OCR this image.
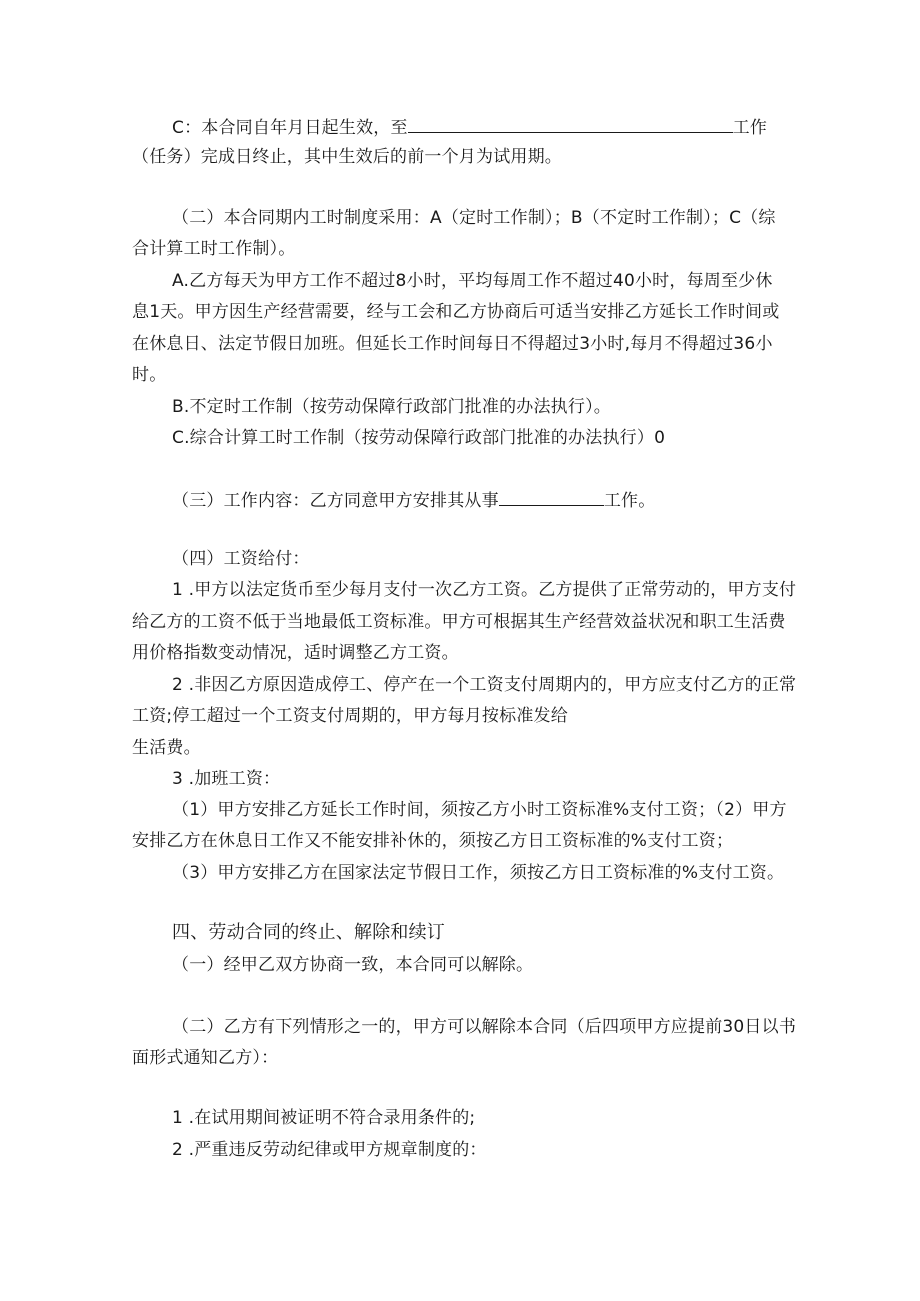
C：本合同自年月日起生效，至	工作
（任务）完成日终止，其中生效后的前一个月为试用期。
（二）本合同期内工时制度采用：A（定时工作制）；B（不定时工作制）；C（综
合计算工时工作制）。
A.乙方每天为甲方工作不超过8小时，平均每周工作不超过40小时，每周至少休
息1天。甲方因生产经营需要，经与工会和乙方协商后可适当安排乙方延长工作时间或
在休息日、法定节假日加班。但延长工作时间每日不得超过3小时,每月不得超过36小
时。
B.不定时工作制（按劳动保障行政部门批准的办法执行）。
C.综合计算工时工作制（按劳动保障行政部门批准的办法执行）0
（三）工作内容：乙方同意甲方安排其从事	工作。
（四）工资给付：
1 .甲方以法定货币至少每月支付一次乙方工资。乙方提供了正常劳动的，甲方支付
给乙方的工资不低于当地最低工资标准。甲方可根据其生产经营效益状况和职工生活费
用价格指数变动情况，适时调整乙方工资。
2 .非因乙方原因造成停工、停产在一个工资支付周期内的，甲方应支付乙方的正常
工资;停工超过一个工资支付周期的，甲方每月按标准发给
生活费。
3 .加班工资：
（1）甲方安排乙方延长工作时间，须按乙方小时工资标准%支付工资；（2）甲方
安排乙方在休息日工作又不能安排补休的，须按乙方日工资标准的%支付工资；
（3）甲方安排乙方在国家法定节假日工作，须按乙方日工资标准的%支付工资。
四、劳动合同的终止、解除和续订
（一）经甲乙双方协商一致，本合同可以解除。
（二）乙方有下列情形之一的，甲方可以解除本合同（后四项甲方应提前30日以书
面形式通知乙方）：
1 .在试用期间被证明不符合录用条件的;
2 .严重违反劳动纪律或甲方规章制度的：
